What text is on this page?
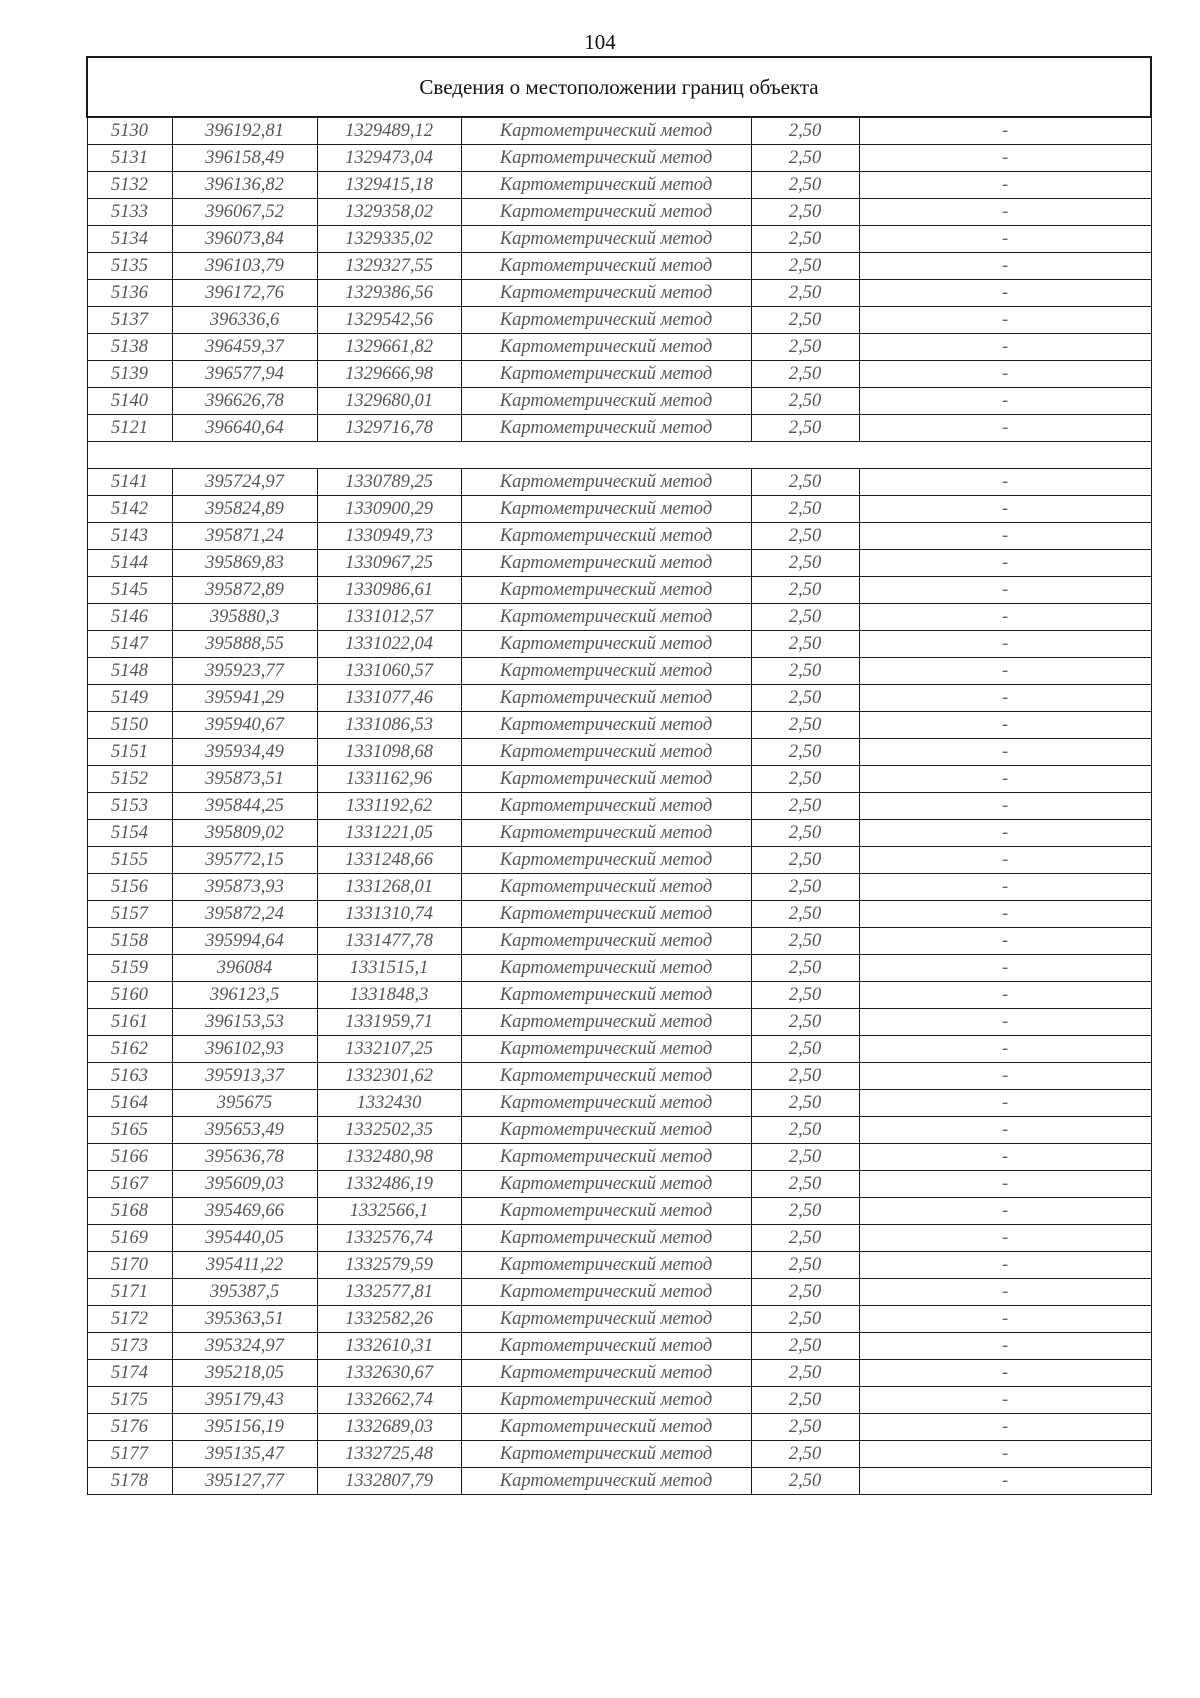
104
Сведения о местоположении границ объекта					
5130	396192,81	1329489,12	Картометрический метод	2,50	-
5131	396158,49	1329473,04	Картометрический метод	2,50	-
5132	396136,82	1329415,18	Картометрический метод	2,50	-
5133	396067,52	1329358,02	Картометрический метод	2,50	-
5134	396073,84	1329335,02	Картометрический метод	2,50	-
5135	396103,79	1329327,55	Картометрический метод	2,50	-
5136	396172,76	1329386,56	Картометрический метод	2,50	-
5137	396336,6	1329542,56	Картометрический метод	2,50	-
5138	396459,37	1329661,82	Картометрический метод	2,50	-
5139	396577,94	1329666,98	Картометрический метод	2,50	-
5140	396626,78	1329680,01	Картометрический метод	2,50	-
5121	396640,64	1329716,78	Картометрический метод	2,50	-

5141	395724,97	1330789,25	Картометрический метод	2,50	-
5142	395824,89	1330900,29	Картометрический метод	2,50	-
5143	395871,24	1330949,73	Картометрический метод	2,50	-
5144	395869,83	1330967,25	Картометрический метод	2,50	-
5145	395872,89	1330986,61	Картометрический метод	2,50	-
5146	395880,3	1331012,57	Картометрический метод	2,50	-
5147	395888,55	1331022,04	Картометрический метод	2,50	-
5148	395923,77	1331060,57	Картометрический метод	2,50	-
5149	395941,29	1331077,46	Картометрический метод	2,50	-
5150	395940,67	1331086,53	Картометрический метод	2,50	-
5151	395934,49	1331098,68	Картометрический метод	2,50	-
5152	395873,51	1331162,96	Картометрический метод	2,50	-
5153	395844,25	1331192,62	Картометрический метод	2,50	-
5154	395809,02	1331221,05	Картометрический метод	2,50	-
5155	395772,15	1331248,66	Картометрический метод	2,50	-
5156	395873,93	1331268,01	Картометрический метод	2,50	-
5157	395872,24	1331310,74	Картометрический метод	2,50	-
5158	395994,64	1331477,78	Картометрический метод	2,50	-
5159	396084	1331515,1	Картометрический метод	2,50	-
5160	396123,5	1331848,3	Картометрический метод	2,50	-
5161	396153,53	1331959,71	Картометрический метод	2,50	-
5162	396102,93	1332107,25	Картометрический метод	2,50	-
5163	395913,37	1332301,62	Картометрический метод	2,50	-
5164	395675	1332430	Картометрический метод	2,50	-
5165	395653,49	1332502,35	Картометрический метод	2,50	-
5166	395636,78	1332480,98	Картометрический метод	2,50	-
5167	395609,03	1332486,19	Картометрический метод	2,50	-
5168	395469,66	1332566,1	Картометрический метод	2,50	-
5169	395440,05	1332576,74	Картометрический метод	2,50	-
5170	395411,22	1332579,59	Картометрический метод	2,50	-
5171	395387,5	1332577,81	Картометрический метод	2,50	-
5172	395363,51	1332582,26	Картометрический метод	2,50	-
5173	395324,97	1332610,31	Картометрический метод	2,50	-
5174	395218,05	1332630,67	Картометрический метод	2,50	-
5175	395179,43	1332662,74	Картометрический метод	2,50	-
5176	395156,19	1332689,03	Картометрический метод	2,50	-
5177	395135,47	1332725,48	Картометрический метод	2,50	-
5178	395127,77	1332807,79	Картометрический метод	2,50	-
